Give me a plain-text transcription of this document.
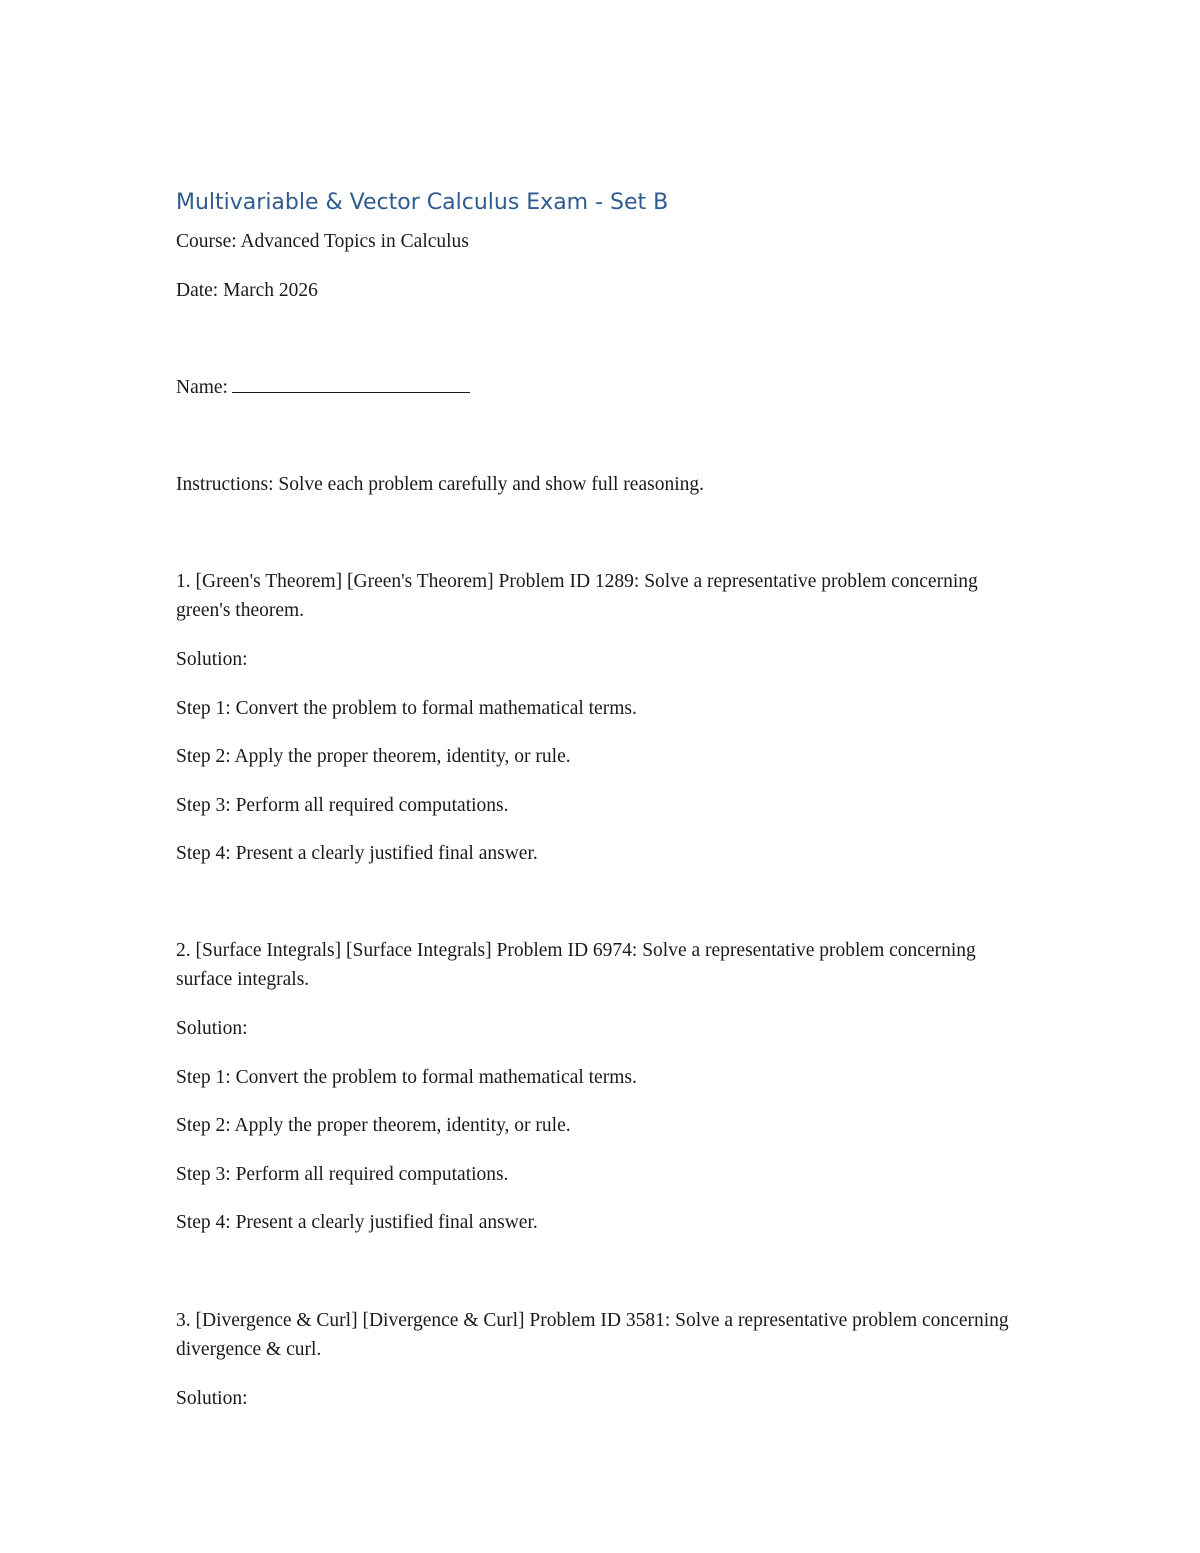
Multivariable & Vector Calculus Exam - Set B

Course: Advanced Topics in Calculus

Date: March 2026

Name:

Instructions: Solve each problem carefully and show full reasoning.

1. [Green's Theorem] [Green's Theorem] Problem ID 1289: Solve a representative problem concerning green's theorem.

Solution:

Step 1: Convert the problem to formal mathematical terms.

Step 2: Apply the proper theorem, identity, or rule.

Step 3: Perform all required computations.

Step 4: Present a clearly justified final answer.

2. [Surface Integrals] [Surface Integrals] Problem ID 6974: Solve a representative problem concerning surface integrals.

Solution:

Step 1: Convert the problem to formal mathematical terms.

Step 2: Apply the proper theorem, identity, or rule.

Step 3: Perform all required computations.

Step 4: Present a clearly justified final answer.

3. [Divergence & Curl] [Divergence & Curl] Problem ID 3581: Solve a representative problem concerning divergence & curl.

Solution:
